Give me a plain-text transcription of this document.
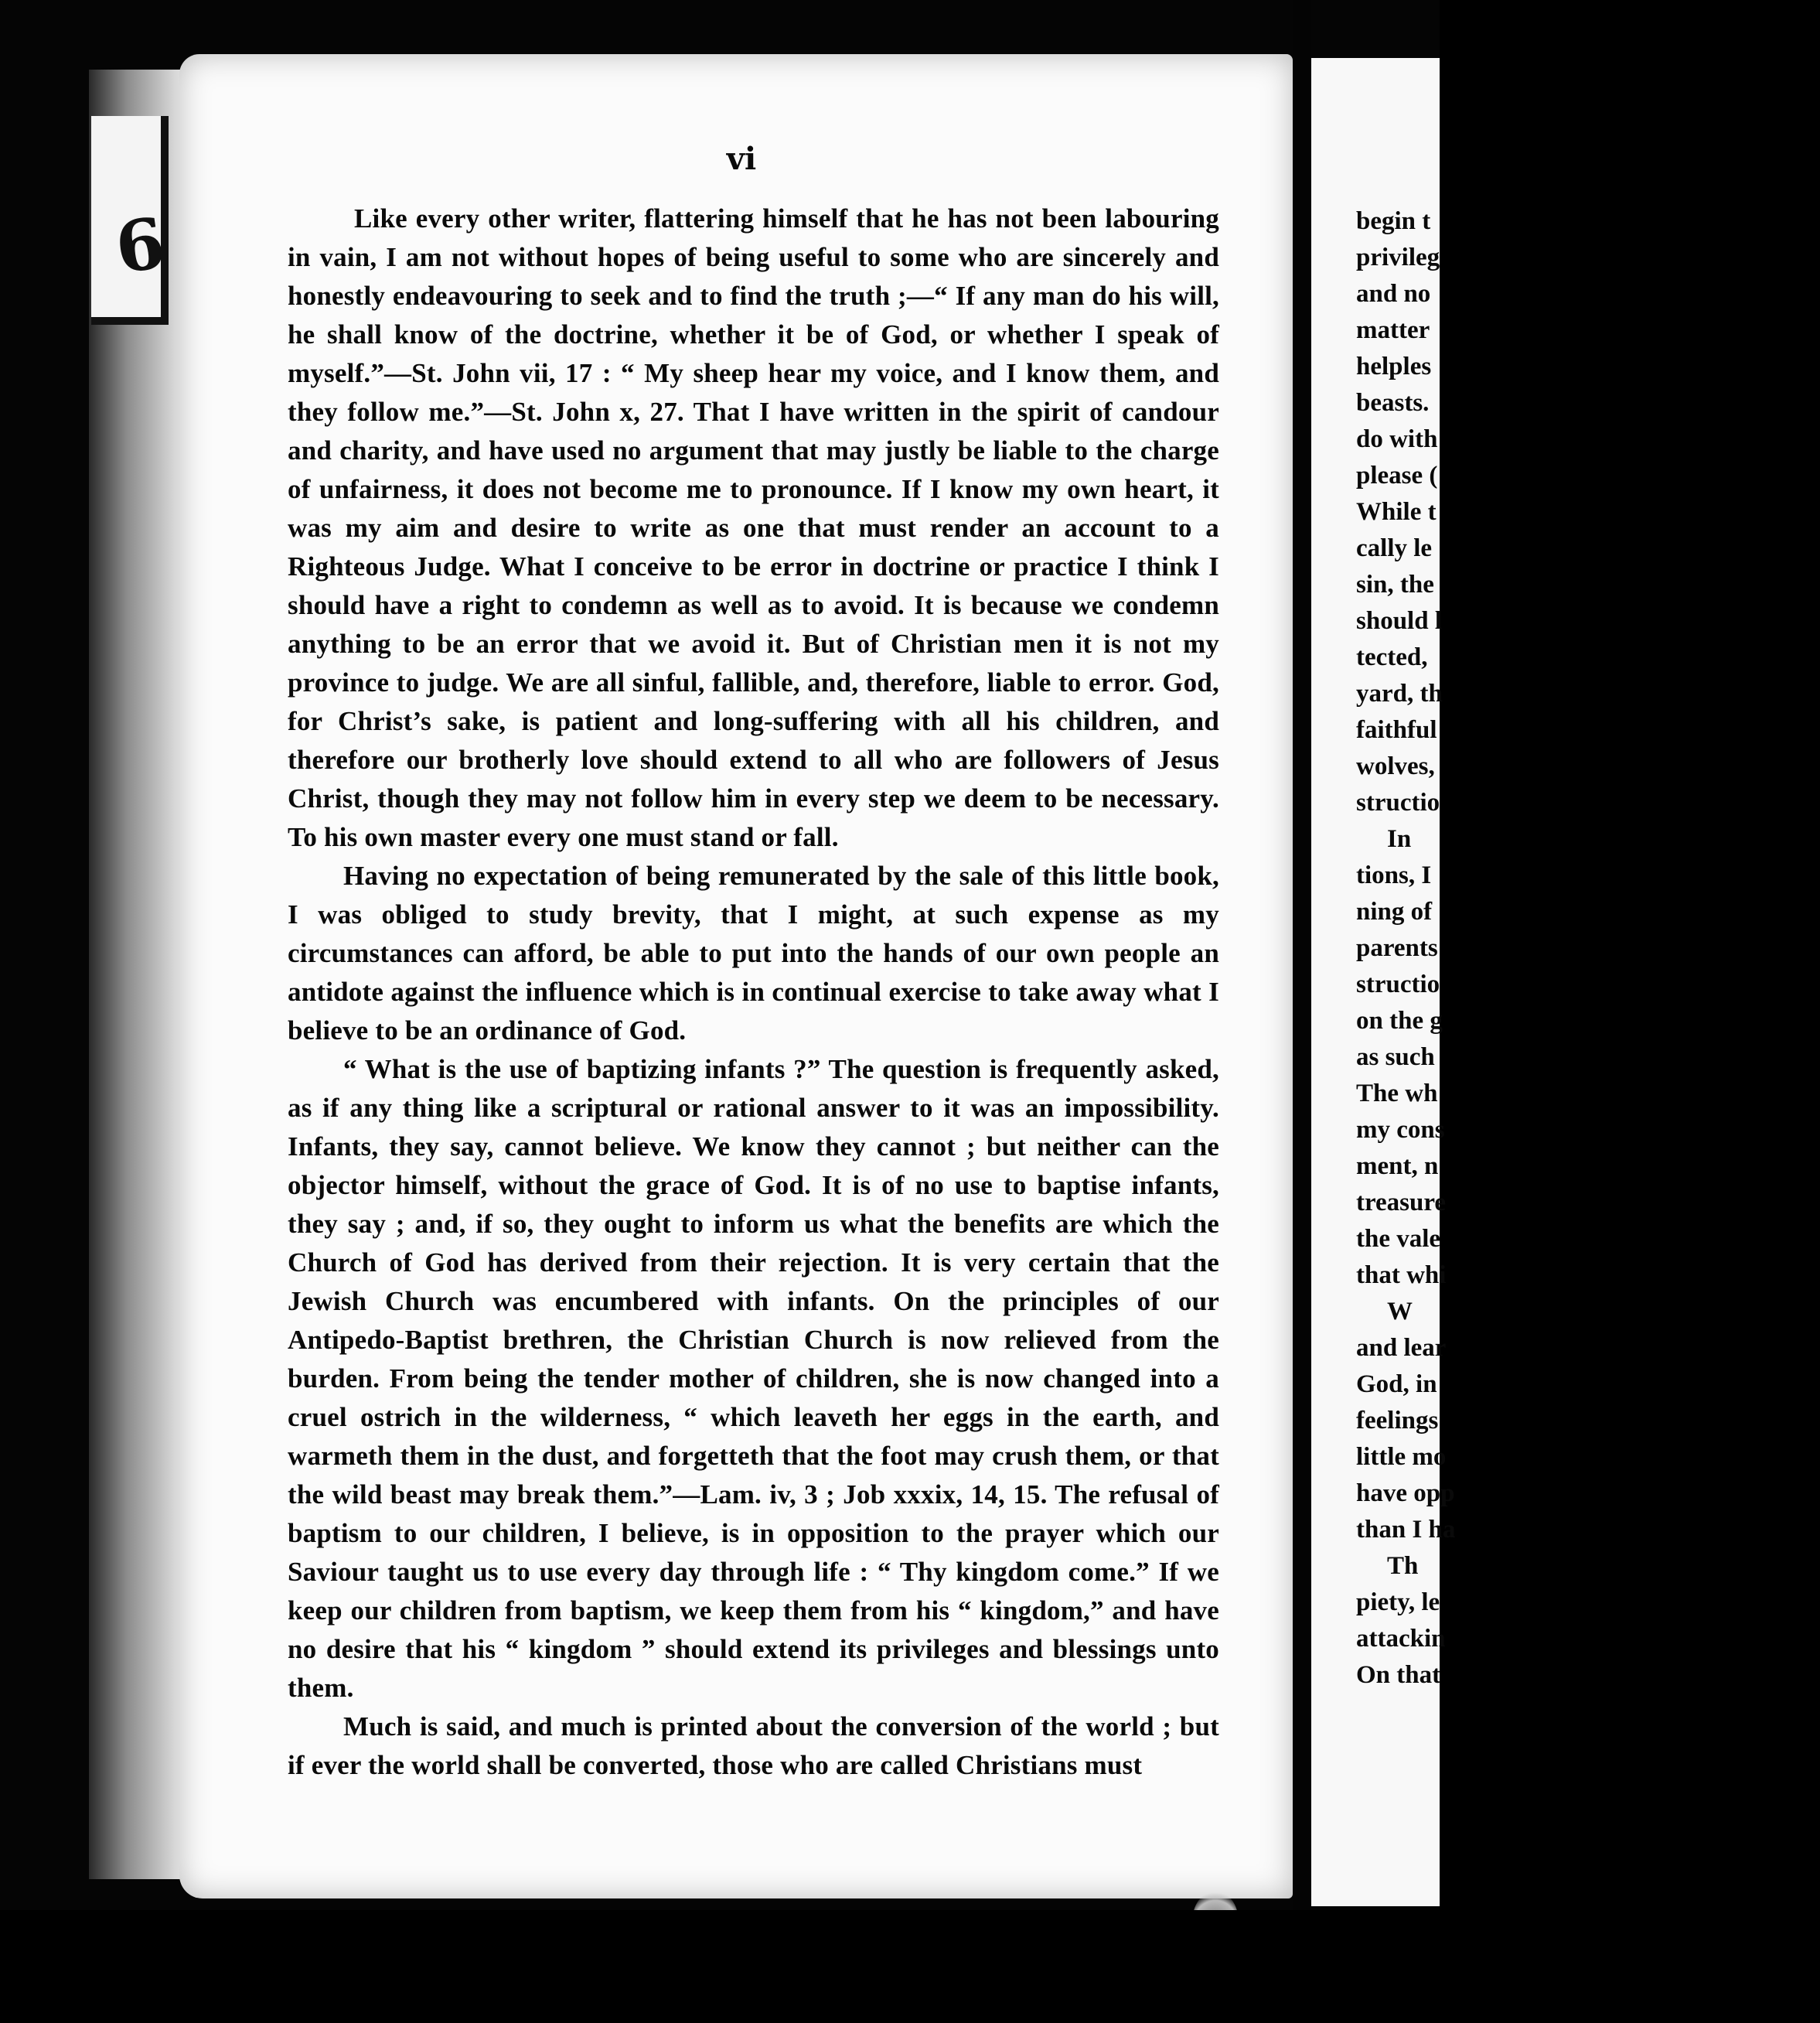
6
vi

Like every other writer, flattering himself that he has not been labouring in vain, I am not without hopes of being useful to some who are sincerely and honestly endeavouring to seek and to find the truth ;—“ If any man do his will, he shall know of the doctrine, whether it be of God, or whether I speak of myself.”—St. John vii, 17 : “ My sheep hear my voice, and I know them, and they follow me.”—St. John x, 27. That I have written in the spirit of candour and charity, and have used no argument that may justly be liable to the charge of unfairness, it does not become me to pronounce. If I know my own heart, it was my aim and desire to write as one that must render an account to a Righteous Judge. What I conceive to be error in doctrine or practice I think I should have a right to condemn as well as to avoid. It is because we condemn anything to be an error that we avoid it. But of Christian men it is not my province to judge. We are all sinful, fallible, and, therefore, liable to error. God, for Christ’s sake, is patient and long-suffering with all his children, and therefore our brotherly love should extend to all who are followers of Jesus Christ, though they may not follow him in every step we deem to be necessary. To his own master every one must stand or fall.

Having no expectation of being remunerated by the sale of this little book, I was obliged to study brevity, that I might, at such expense as my circumstances can afford, be able to put into the hands of our own people an antidote against the influence which is in continual exercise to take away what I believe to be an ordinance of God.

“ What is the use of baptizing infants ?” The question is frequently asked, as if any thing like a scriptural or rational answer to it was an impossibility. Infants, they say, cannot believe. We know they cannot ; but neither can the objector himself, without the grace of God. It is of no use to baptise infants, they say ; and, if so, they ought to inform us what the benefits are which the Church of God has derived from their rejection. It is very certain that the Jewish Church was encumbered with infants. On the principles of our Antipedo-Baptist brethren, the Christian Church is now relieved from the burden. From being the tender mother of children, she is now changed into a cruel ostrich in the wilderness, “ which leaveth her eggs in the earth, and warmeth them in the dust, and forgetteth that the foot may crush them, or that the wild beast may break them.”—Lam. iv, 3 ; Job xxxix, 14, 15. The refusal of baptism to our children, I believe, is in opposition to the prayer which our Saviour taught us to use every day through life : “ Thy kingdom come.” If we keep our children from baptism, we keep them from his “ kingdom,” and have no desire that his “ kingdom ” should extend its privileges and blessings unto them.

Much is said, and much is printed about the conversion of the world ; but if ever the world shall be converted, those who are called Christians must

begin t
privileg
and no
matter
helples
beasts.
do with
please (
While t
cally le
sin, the
should l
tected,
yard, th
faithful
wolves,
structio
In
tions, I
ning of
parents
structio
on the g
as such
The wh
my cons
ment, n
treasure
the vale
that whi
W
and lear
God, in
feelings
little mo
have opp
than I ha
Th
piety, le
attackin
On that
